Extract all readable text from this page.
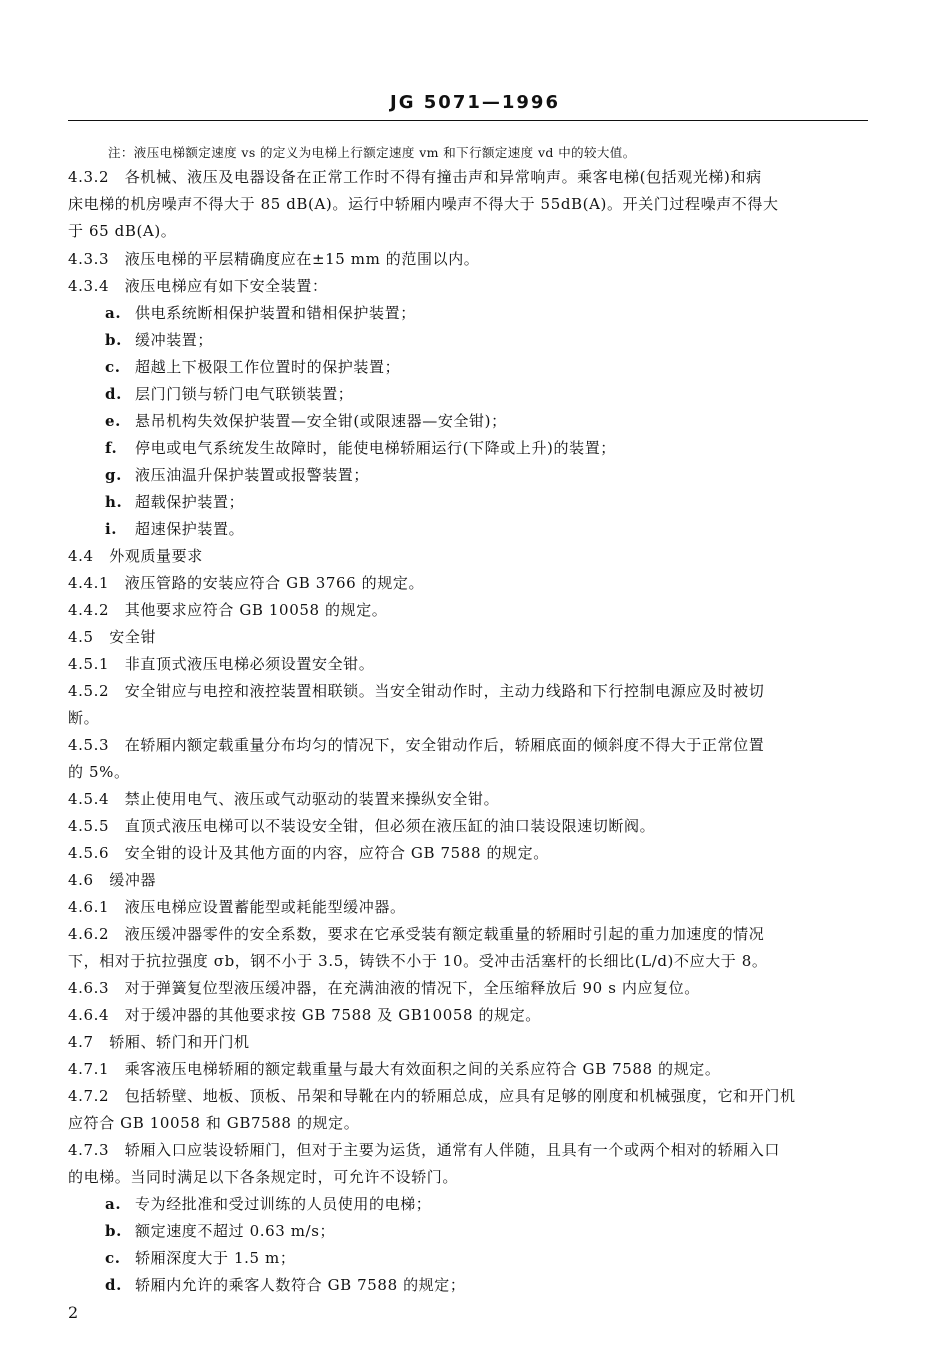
JG 5071—1996
注：液压电梯额定速度 vs 的定义为电梯上行额定速度 vm 和下行额定速度 vd 中的较大值。
4.3.2　各机械、液压及电器设备在正常工作时不得有撞击声和异常响声。乘客电梯(包括观光梯)和病
床电梯的机房噪声不得大于 85 dB(A)。运行中轿厢内噪声不得大于 55dB(A)。开关门过程噪声不得大
于 65 dB(A)。
4.3.3　液压电梯的平层精确度应在±15 mm 的范围以内。
4.3.4　液压电梯应有如下安全装置：
a. 供电系统断相保护装置和错相保护装置；
b. 缓冲装置；
c. 超越上下极限工作位置时的保护装置；
d. 层门门锁与轿门电气联锁装置；
e. 悬吊机构失效保护装置—安全钳(或限速器—安全钳)；
f. 停电或电气系统发生故障时，能使电梯轿厢运行(下降或上升)的装置；
g. 液压油温升保护装置或报警装置；
h. 超载保护装置；
i. 超速保护装置。
4.4　外观质量要求
4.4.1　液压管路的安装应符合 GB 3766 的规定。
4.4.2　其他要求应符合 GB 10058 的规定。
4.5　安全钳
4.5.1　非直顶式液压电梯必须设置安全钳。
4.5.2　安全钳应与电控和液控装置相联锁。当安全钳动作时，主动力线路和下行控制电源应及时被切
断。
4.5.3　在轿厢内额定载重量分布均匀的情况下，安全钳动作后，轿厢底面的倾斜度不得大于正常位置
的 5%。
4.5.4　禁止使用电气、液压或气动驱动的装置来操纵安全钳。
4.5.5　直顶式液压电梯可以不装设安全钳，但必须在液压缸的油口装设限速切断阀。
4.5.6　安全钳的设计及其他方面的内容，应符合 GB 7588 的规定。
4.6　缓冲器
4.6.1　液压电梯应设置蓄能型或耗能型缓冲器。
4.6.2　液压缓冲器零件的安全系数，要求在它承受装有额定载重量的轿厢时引起的重力加速度的情况
下，相对于抗拉强度 σb，钢不小于 3.5，铸铁不小于 10。受冲击活塞杆的长细比(L/d)不应大于 8。
4.6.3　对于弹簧复位型液压缓冲器，在充满油液的情况下，全压缩释放后 90 s 内应复位。
4.6.4　对于缓冲器的其他要求按 GB 7588 及 GB10058 的规定。
4.7　轿厢、轿门和开门机
4.7.1　乘客液压电梯轿厢的额定载重量与最大有效面积之间的关系应符合 GB 7588 的规定。
4.7.2　包括轿壁、地板、顶板、吊架和导靴在内的轿厢总成，应具有足够的刚度和机械强度，它和开门机
应符合 GB 10058 和 GB7588 的规定。
4.7.3　轿厢入口应装设轿厢门，但对于主要为运货，通常有人伴随，且具有一个或两个相对的轿厢入口
的电梯。当同时满足以下各条规定时，可允许不设轿门。
a. 专为经批准和受过训练的人员使用的电梯；
b. 额定速度不超过 0.63 m/s；
c. 轿厢深度大于 1.5 m；
d. 轿厢内允许的乘客人数符合 GB 7588 的规定；
2
